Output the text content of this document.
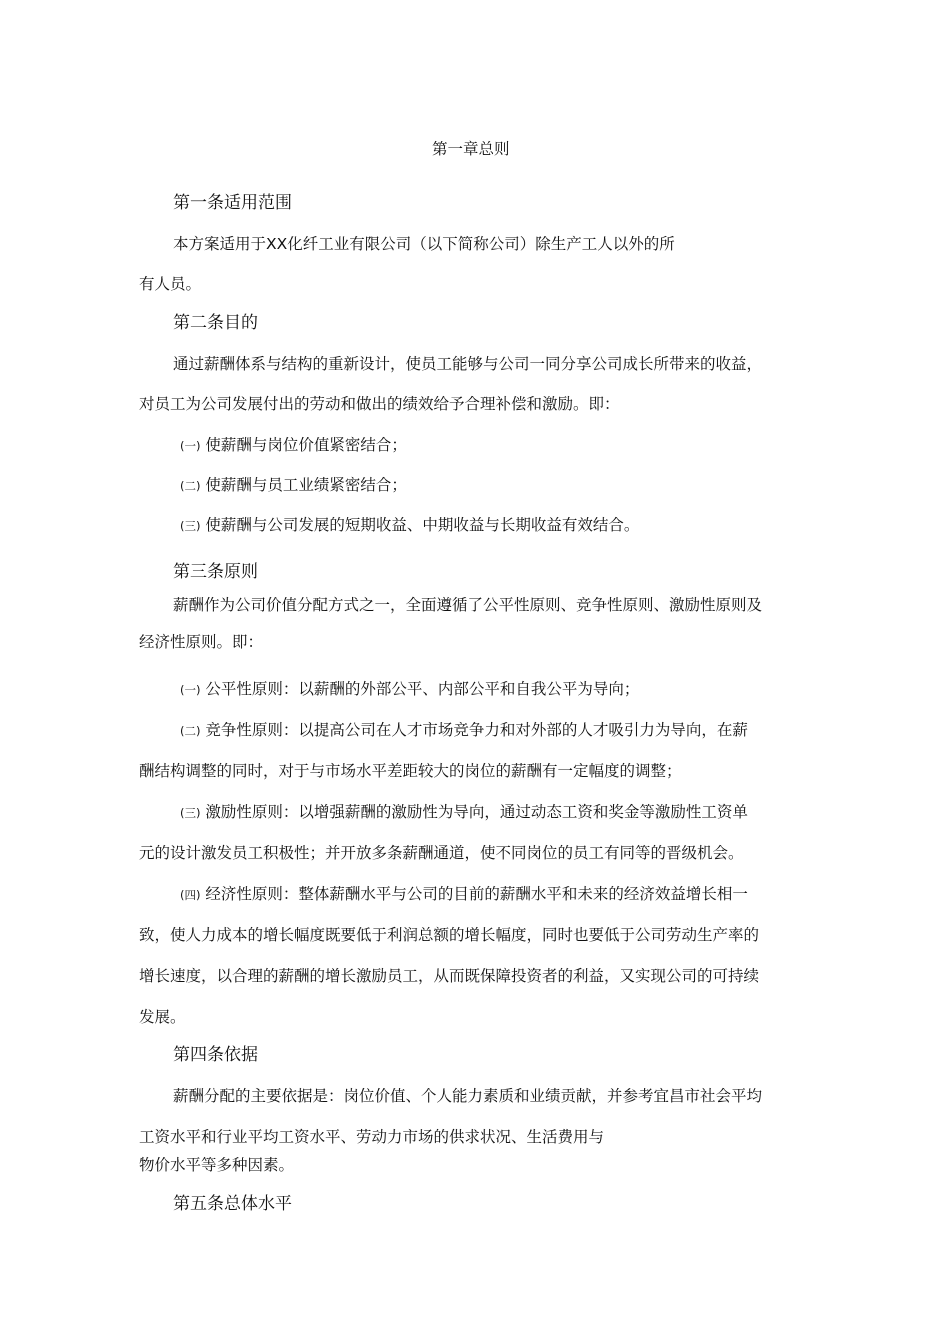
第一章总则
第一条适用范围
本方案适用于XX化纤工业有限公司（以下简称公司）除生产工人以外的所
有人员。
第二条目的
通过薪酬体系与结构的重新设计，使员工能够与公司一同分享公司成长所带来的收益，
对员工为公司发展付出的劳动和做出的绩效给予合理补偿和激励。即：
(一) 使薪酬与岗位价值紧密结合；
(二) 使薪酬与员工业绩紧密结合；
(三) 使薪酬与公司发展的短期收益、中期收益与长期收益有效结合。
第三条原则
薪酬作为公司价值分配方式之一，全面遵循了公平性原则、竞争性原则、激励性原则及
经济性原则。即：
(一) 公平性原则：以薪酬的外部公平、内部公平和自我公平为导向；
(二) 竞争性原则：以提高公司在人才市场竞争力和对外部的人才吸引力为导向，在薪
酬结构调整的同时，对于与市场水平差距较大的岗位的薪酬有一定幅度的调整；
(三) 激励性原则：以增强薪酬的激励性为导向，通过动态工资和奖金等激励性工资单
元的设计激发员工积极性；并开放多条薪酬通道，使不同岗位的员工有同等的晋级机会。
(四) 经济性原则：整体薪酬水平与公司的目前的薪酬水平和未来的经济效益增长相一
致，使人力成本的增长幅度既要低于利润总额的增长幅度，同时也要低于公司劳动生产率的
增长速度，以合理的薪酬的增长激励员工，从而既保障投资者的利益，又实现公司的可持续
发展。
第四条依据
薪酬分配的主要依据是：岗位价值、个人能力素质和业绩贡献，并参考宜昌市社会平均
工资水平和行业平均工资水平、劳动力市场的供求状况、生活费用与
物价水平等多种因素。
第五条总体水平
